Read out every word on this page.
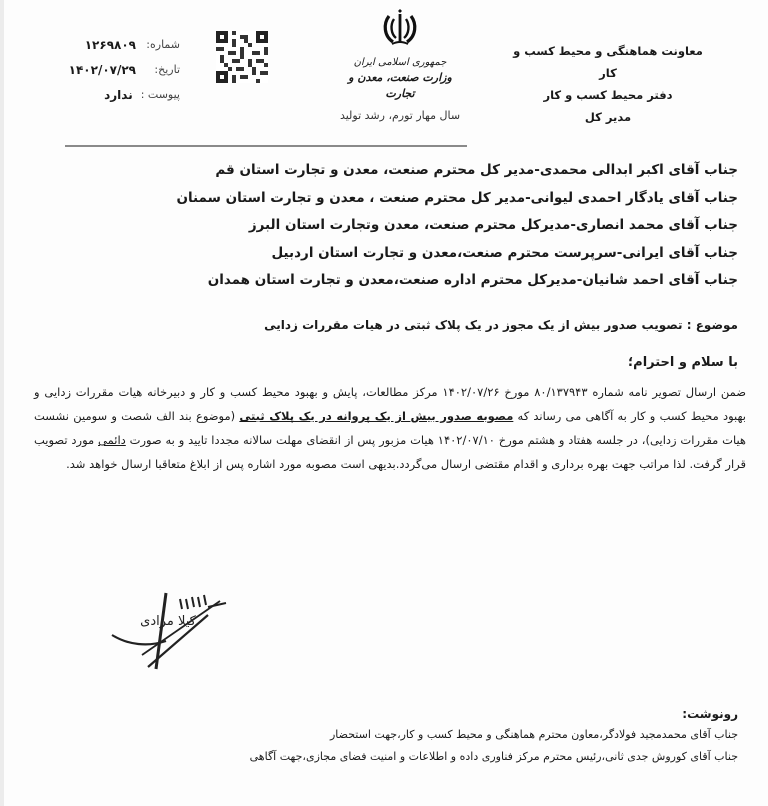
معاونت هماهنگی و محیط کسب و کار
دفتر محیط کسب و کار
مدیر کل
جمهوری اسلامی ایران
وزارت صنعت، معدن و تجارت
سال مهار تورم، رشد تولید
شماره:
۱۲۶۹۸۰۹
تاریخ:
۱۴۰۲/۰۷/۲۹
پیوست :
ندارد
جناب آقای اکبر ابدالی محمدی-مدیر کل محترم صنعت، معدن و تجارت استان قم
جناب آقای یادگار احمدی لیوانی-مدیر کل محترم صنعت ، معدن و تجارت استان سمنان
جناب آقای محمد انصاری-مدیرکل محترم صنعت، معدن وتجارت استان البرز
جناب آقای ایرانی-سرپرست محترم صنعت،معدن و تجارت استان اردبیل
جناب آقای احمد شانیان-مدیرکل محترم اداره صنعت،معدن و تجارت استان همدان
موضوع : تصویب صدور بیش از یک مجوز در یک پلاک ثبتی در هیات مقررات زدایی
با سلام و احترام؛
ضمن ارسال تصویر نامه شماره ۸۰/۱۳۷۹۴۳ مورخ ۱۴۰۲/۰۷/۲۶ مرکز مطالعات، پایش و بهبود محیط کسب و کار و دبیرخانه هیات مقررات زدایی و بهبود محیط کسب و کار به آگاهی می رساند که مصوبه صدور بیش از یک پروانه در یک پلاک ثبتی (موضوع بند الف شصت و سومین نشست هیات مقررات زدایی)، در جلسه هفتاد و هشتم مورخ ۱۴۰۲/۰۷/۱۰ هیات مزبور پس از انقضای مهلت سالانه مجددا تایید و به صورت دائمی مورد تصویب قرار گرفت. لذا مراتب جهت بهره برداری و اقدام مقتضی ارسال می‌گردد.بدیهی است مصوبه مورد اشاره پس از ابلاغ متعاقبا ارسال خواهد شد.
کیلا مرادی
رونوشت:
جناب آقای محمدمجید فولادگر،معاون محترم هماهنگی و محیط کسب و کار،جهت استحضار
جناب آقای کوروش جدی ثانی،رئیس محترم مرکز فناوری داده و اطلاعات و امنیت فضای مجازی،جهت آگاهی
